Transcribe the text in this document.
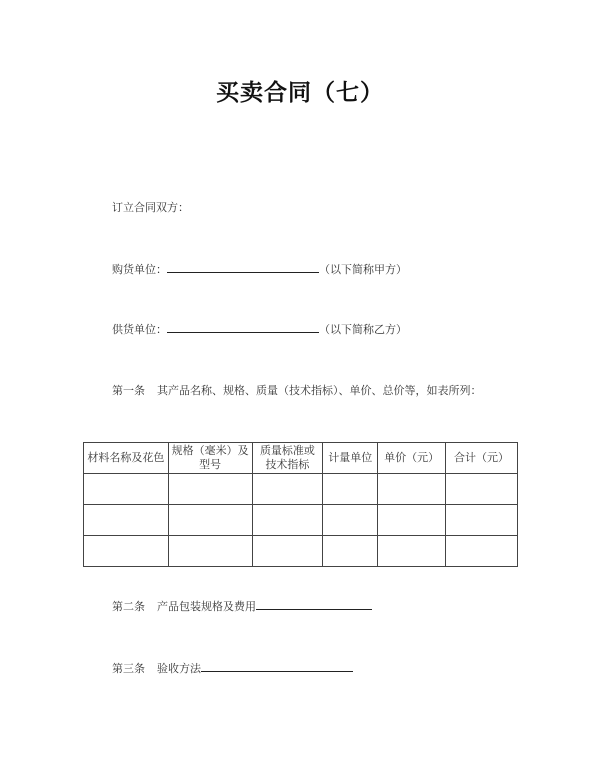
买卖合同（七）
订立合同双方：
购货单位：	（以下简称甲方）
供货单位：	（以下简称乙方）
第一条 其产品名称、规格、质量（技术指标）、单价、总价等，如表所列：
材料名称及花色	规格（毫米）及型号	质量标准或技术指标	计量单位	单价（元）	合计（元）

第二条 产品包装规格及费用
第三条 验收方法
